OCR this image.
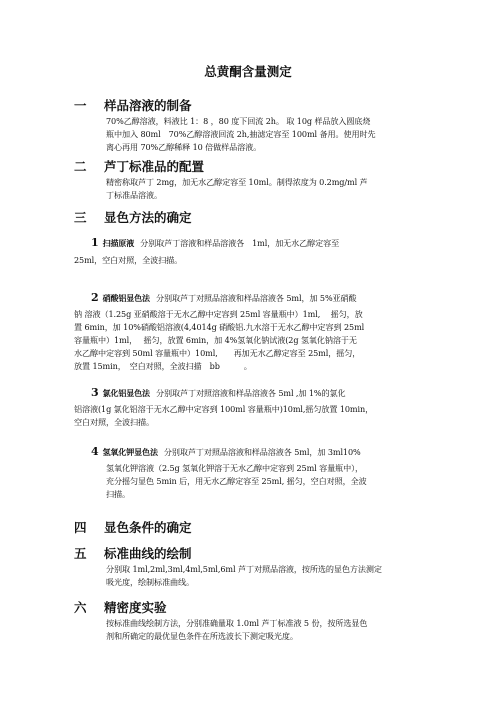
总黄酮含量测定
一 样品溶液的制备
70%乙醇溶液，料液比 1：8 ，80 度下回流 2h。 取 10g 样品放入圆底烧
瓶中加入 80ml　70%乙醇溶液回流 2h,抽滤定容至 100ml 备用。使用时先
离心再用 70%乙醇稀释 10 倍做样品溶液。
二 芦丁标准品的配置
精密称取芦丁 2mg，加无水乙醇定容至 10ml。制得浓度为 0.2mg/ml 芦
丁标准品溶液。
三 显色方法的确定
1 扫描原液 分别取芦丁溶液和样品溶液各　1ml，加无水乙醇定容至
25ml，空白对照，全波扫描。
2 硝酸铝显色法 分别取芦丁对照品溶液和样品溶液各 5ml，加 5%亚硝酸
钠 溶液（1.25g 亚硝酸溶于无水乙醇中定容到 25ml 容量瓶中）1ml,　 摇匀，放
置 6min，加 10%硝酸铝溶液(4,4014g 硝酸铝.九水溶于无水乙醇中定容到 25ml
容量瓶中）1ml，　 摇匀，放置 6min，加 4%氢氧化钠试液(2g 氢氧化钠溶于无
水乙醇中定容到 50ml 容量瓶中）10ml,　　再加无水乙醇定容至 25ml，摇匀，
放置 15min，　空白对照，全波扫描　bb　　　。
3 氯化铝显色法 分别取芦丁对照溶液和样品溶液各 5ml ,加 1%的氯化
铝溶液(1g 氯化铝溶于无水乙醇中定容到 100ml 容量瓶中)10ml,摇匀放置 10min，
空白对照，全波扫描。
4 氢氧化钾显色法 分别取芦丁对照品溶液和样品溶液各 5ml，加 3ml10%
氢氧化钾溶液（2.5g 氢氧化钾溶于无水乙醇中定容到 25ml 容量瓶中），
充分摇匀显色 5min 后，用无水乙醇定容至 25ml, 摇匀，空白对照，全波
扫描。
四 显色条件的确定
五 标准曲线的绘制
分别取 1ml,2ml,3ml,4ml,5ml,6ml 芦丁对照品溶液，按所选的显色方法测定
吸光度，绘制标准曲线。
六 精密度实验
按标准曲线绘制方法，分别准确量取 1.0ml 芦丁标准液 5 份，按所选显色
剂和所确定的最优显色条件在所选波长下测定吸光度。
